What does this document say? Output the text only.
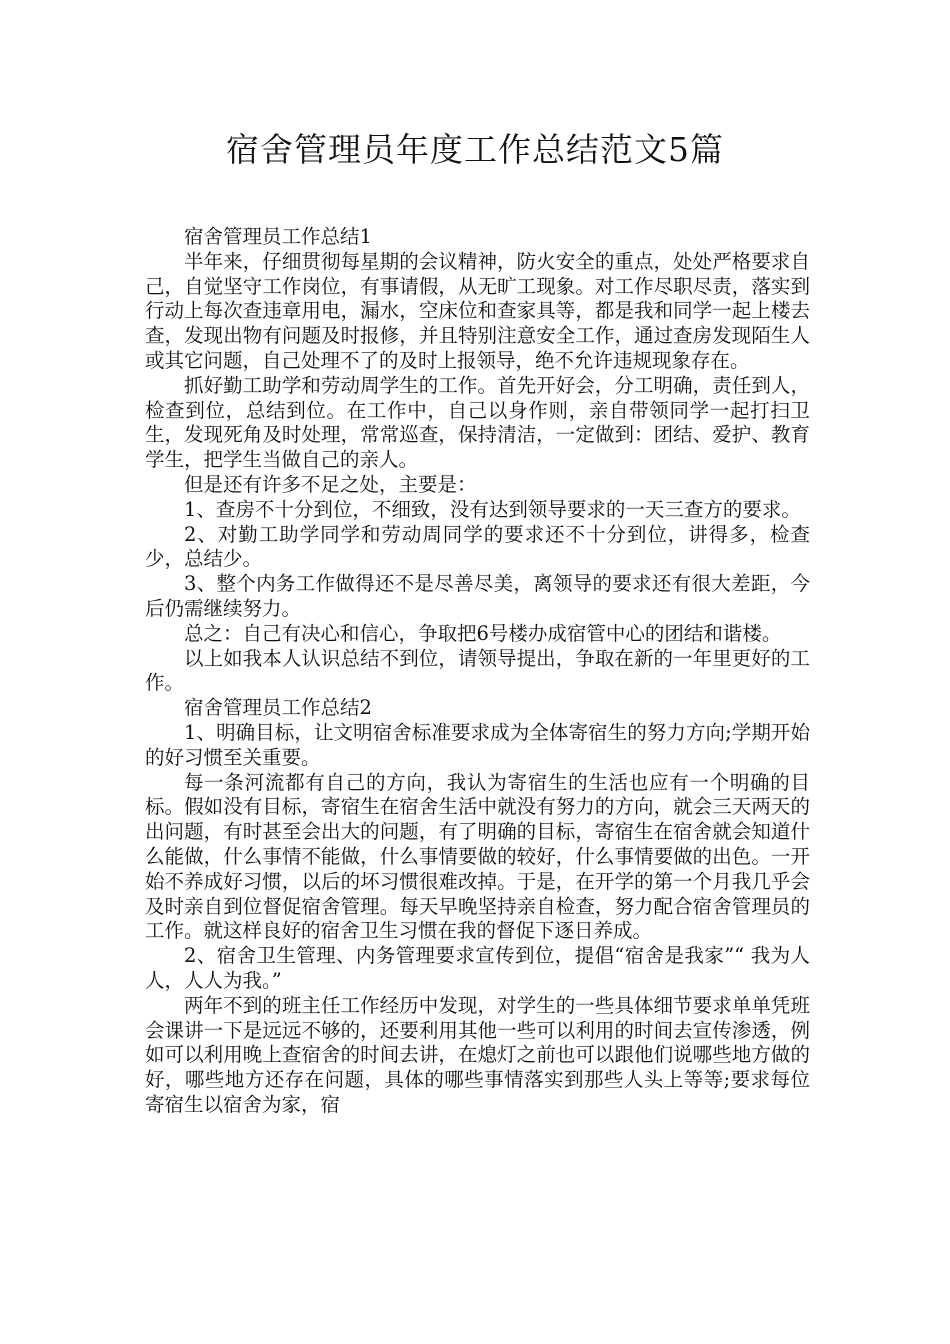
宿舍管理员年度工作总结范文5篇

宿舍管理员工作总结1

半年来，仔细贯彻每星期的会议精神，防火安全的重点，处处严格要求自己，自觉坚守工作岗位，有事请假，从无旷工现象。对工作尽职尽责，落实到行动上每次查违章用电，漏水，空床位和查家具等，都是我和同学一起上楼去查，发现出物有问题及时报修，并且特别注意安全工作，通过查房发现陌生人或其它问题，自己处理不了的及时上报领导，绝不允许违规现象存在。

抓好勤工助学和劳动周学生的工作。首先开好会，分工明确，责任到人，检查到位，总结到位。在工作中，自己以身作则，亲自带领同学一起打扫卫生，发现死角及时处理，常常巡查，保持清洁，一定做到：团结、爱护、教育学生，把学生当做自己的亲人。

但是还有许多不足之处，主要是：

1、查房不十分到位，不细致，没有达到领导要求的一天三查方的要求。

2、对勤工助学同学和劳动周同学的要求还不十分到位，讲得多，检查少，总结少。

3、整个内务工作做得还不是尽善尽美，离领导的要求还有很大差距，今后仍需继续努力。

总之：自己有决心和信心，争取把6号楼办成宿管中心的团结和谐楼。

以上如我本人认识总结不到位，请领导提出，争取在新的一年里更好的工作。

宿舍管理员工作总结2

1、明确目标，让文明宿舍标准要求成为全体寄宿生的努力方向;学期开始的好习惯至关重要。

每一条河流都有自己的方向，我认为寄宿生的生活也应有一个明确的目标。假如没有目标，寄宿生在宿舍生活中就没有努力的方向，就会三天两天的出问题，有时甚至会出大的问题，有了明确的目标，寄宿生在宿舍就会知道什么能做，什么事情不能做，什么事情要做的较好，什么事情要做的出色。一开始不养成好习惯，以后的坏习惯很难改掉。于是，在开学的第一个月我几乎会及时亲自到位督促宿舍管理。每天早晚坚持亲自检查，努力配合宿舍管理员的工作。就这样良好的宿舍卫生习惯在我的督促下逐日养成。

2、宿舍卫生管理、内务管理要求宣传到位，提倡“宿舍是我家”“ 我为人人，人人为我。”

两年不到的班主任工作经历中发现，对学生的一些具体细节要求单单凭班会课讲一下是远远不够的，还要利用其他一些可以利用的时间去宣传渗透，例如可以利用晚上查宿舍的时间去讲，在熄灯之前也可以跟他们说哪些地方做的好，哪些地方还存在问题，具体的哪些事情落实到那些人头上等等;要求每位寄宿生以宿舍为家，宿
